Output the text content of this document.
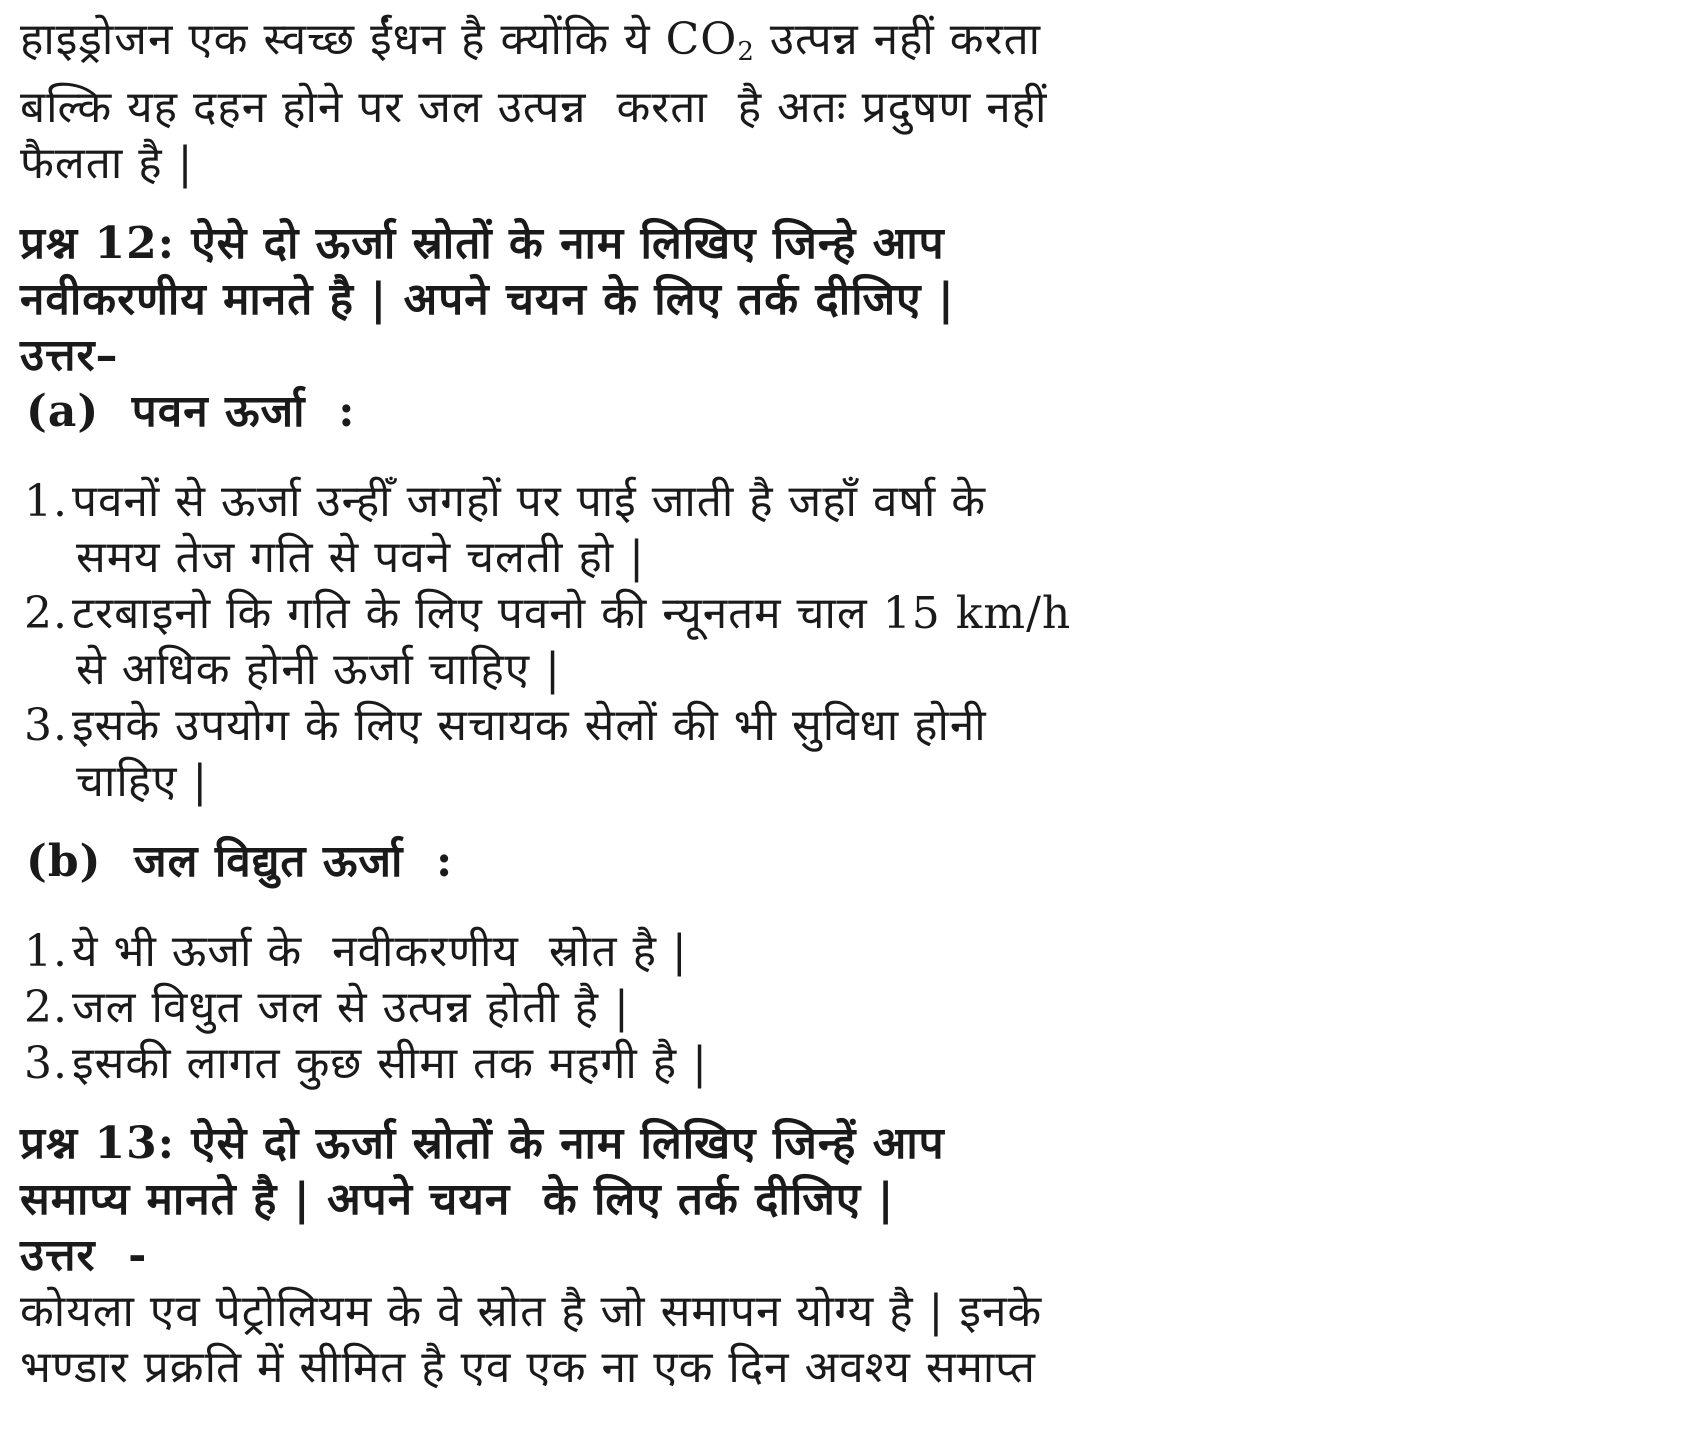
हाइड्रोजन एक स्वच्छ ईंधन है क्योंकि ये $CO_2$ उत्पन्न नहीं करता
बल्कि यह दहन होने पर जल उत्पन्न  करता  है अतः प्रदुषण नहीं
फैलता है |
प्रश्न 12: ऐसे दो ऊर्जा स्रोतों के नाम लिखिए जिन्हे आप
नवीकरणीय मानते है | अपने चयन के लिए तर्क दीजिए |
उत्तर–
(a)  पवन ऊर्जा  :
1.पवनों से ऊर्जा उन्हीँ जगहों पर पाई जाती है जहाँ वर्षा के
समय तेज गति से पवने चलती हो |
2.टरबाइनो कि गति के लिए पवनो की न्यूनतम चाल 15 km/h
से अधिक होनी ऊर्जा चाहिए |
3.इसके उपयोग के लिए सचायक सेलों की भी सुविधा होनी
चाहिए |
(b)  जल विद्युत ऊर्जा  :
1.ये भी ऊर्जा के  नवीकरणीय  स्रोत है |
2.जल विधुत जल से उत्पन्न होती है |
3.इसकी लागत कुछ सीमा तक महगी है |
प्रश्न 13: ऐसे दो ऊर्जा स्रोतों के नाम लिखिए जिन्हें आप
समाप्य मानते है | अपने चयन  के लिए तर्क दीजिए |
उत्तर  -
कोयला एव पेट्रोलियम के वे स्रोत है जो समापन योग्य है | इनके
भण्डार प्रक्रति में सीमित है एव एक ना एक दिन अवश्य समाप्त
